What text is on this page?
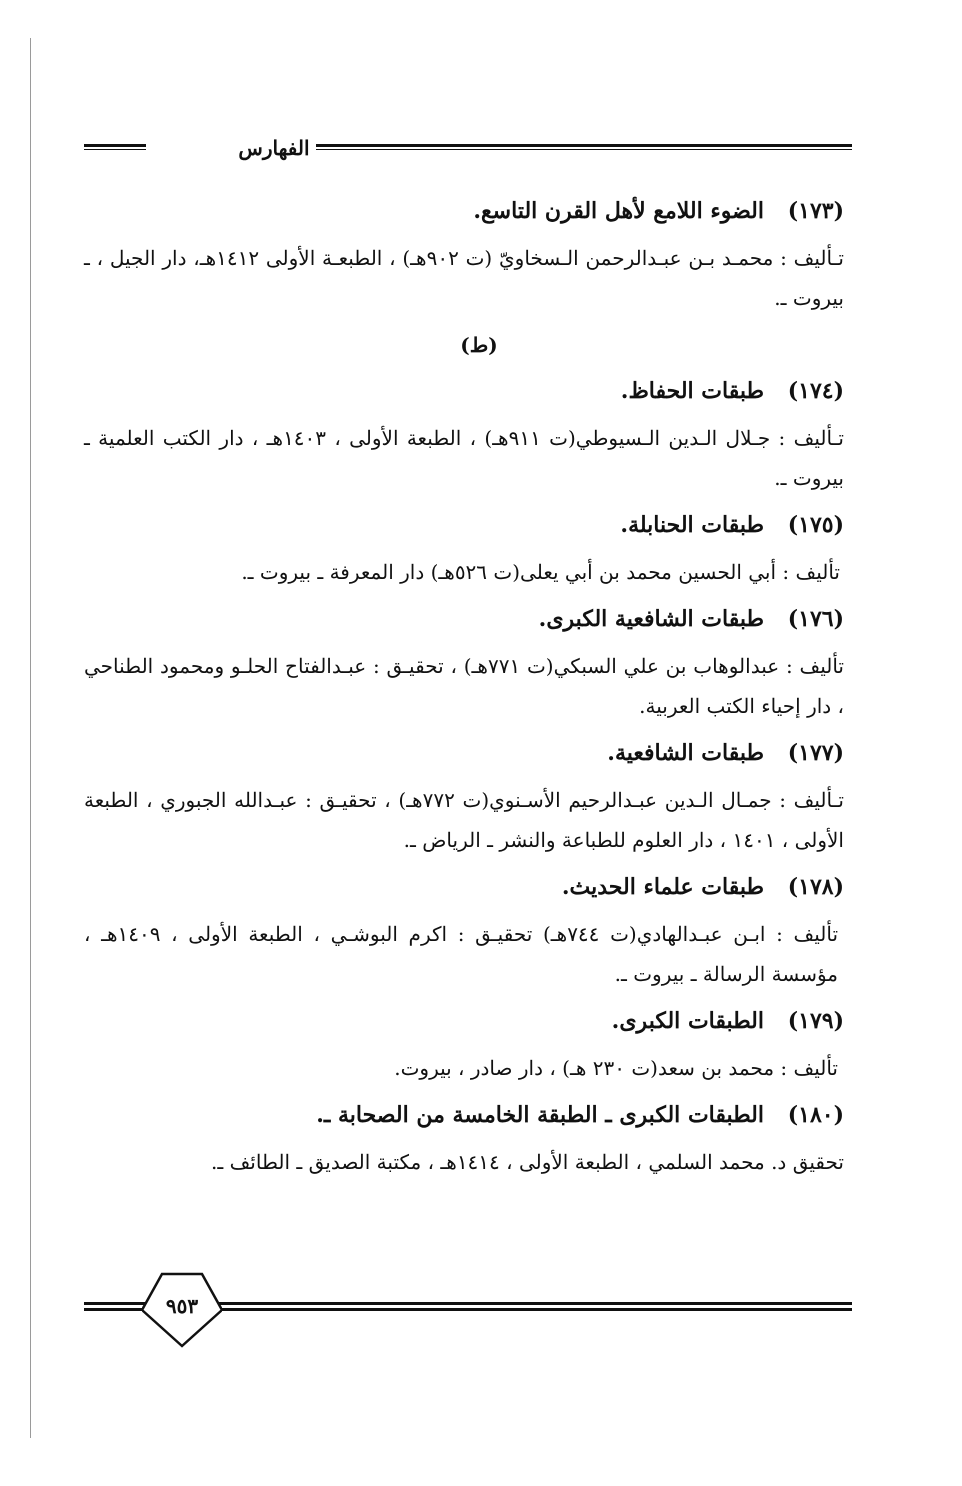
الفهارس
(١٧٣)الضوء اللامع لأهل القرن التاسع.
تـأليف : محمـد بـن عبـدالرحمن الـسخاويّ (ت ٩٠٢هـ) ، الطبعـة الأولى ١٤١٢هـ، دار الجيل ، ـ بيروت ـ.
(ط)
(١٧٤)طبقات الحفاظ.
تـأليف : جـلال الـدين الـسيوطي(ت ٩١١هـ) ، الطبعة الأولى ، ١٤٠٣هـ ، دار الكتب العلمية ـ بيروت ـ.
(١٧٥)طبقات الحنابلة.
تأليف : أبي الحسين محمد بن أبي يعلى(ت ٥٢٦هـ) دار المعرفة ـ بيروت ـ.
(١٧٦)طبقات الشافعية الكبرى.
تأليف : عبدالوهاب بن علي السبكي(ت ٧٧١هـ) ، تحقيـق : عبـدالفتاح الحلـو ومحمود الطناحي ، دار إحياء الكتب العربية.
(١٧٧)طبقات الشافعية.
تـأليف : جمـال الـدين عبـدالرحيم الأسـنوي(ت ٧٧٢هـ) ، تحقيـق : عبـدالله الجبوري ، الطبعة الأولى ، ١٤٠١ ، دار العلوم للطباعة والنشر ـ الرياض ـ.
(١٧٨)طبقات علماء الحديث.
تأليف : ابـن عبـدالهادي(ت ٧٤٤هـ) تحقيـق : اكرم البوشـي ، الطبعة الأولى ، ١٤٠٩هـ ، مؤسسة الرسالة ـ بيروت ـ.
(١٧٩)الطبقات الكبرى.
تأليف : محمد بن سعد(ت ٢٣٠ هـ) ، دار صادر ، بيروت.
(١٨٠)الطبقات الكبرى ـ الطبقة الخامسة من الصحابة ـ.
تحقيق د. محمد السلمي ، الطبعة الأولى ، ١٤١٤هـ ، مكتبة الصديق ـ الطائف ـ.
٩٥٣
